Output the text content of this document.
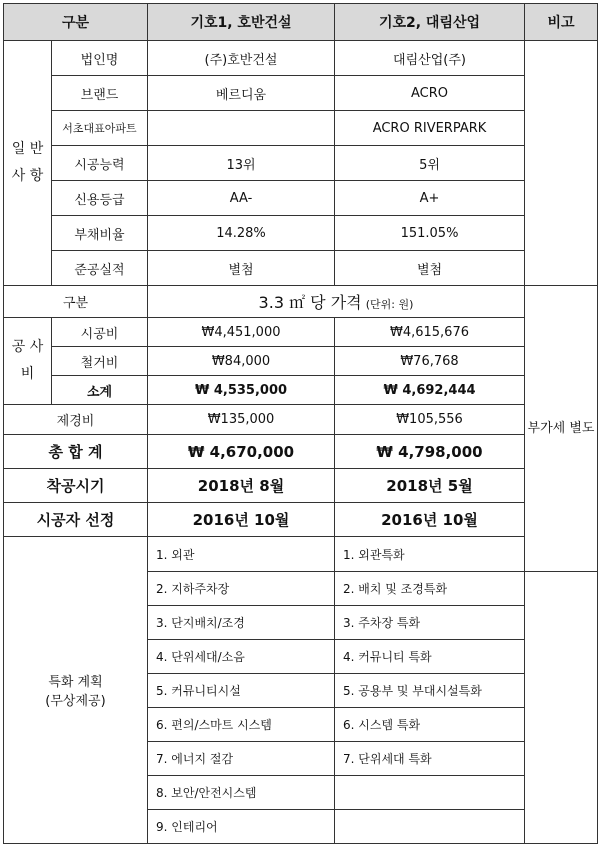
구분		기호1, 호반건설	기호2, 대림산업	비고
일 반 사 항	법인명	(주)호반건설	대림산업(주)	
	브랜드	베르디움	ACRO	
	서초대표아파트		ACRO RIVERPARK	
	시공능력	13위	5위	
	신용등급	AA-	A+	
	부채비율	14.28%	151.05%	
	준공실적	별첨	별첨	
구분		3.3 ㎡ 당 가격 (단위: 원)		부가세 별도
공 사 비	시공비	₩4,451,000	₩4,615,676	
	철거비	₩84,000	₩76,768	
	소계	₩ 4,535,000	₩ 4,692,444	
제경비		₩135,000	₩105,556	
총 합 계		₩ 4,670,000	₩ 4,798,000	
착공시기		2018년 8월	2018년 5월	
시공자 선정		2016년 10월	2016년 10월	

특화 계획
(무상제공)		1. 외관	1. 외관특화	
		2. 지하주차장	2. 배치 및 조경특화	
		3. 단지배치/조경	3. 주차장 특화	
		4. 단위세대/소음	4. 커뮤니티 특화	
		5. 커뮤니티시설	5. 공용부 및 부대시설특화	
		6. 편의/스마트 시스템	6. 시스템 특화	
		7. 에너지 절감	7. 단위세대 특화	
		8. 보안/안전시스템		
		9. 인테리어		
